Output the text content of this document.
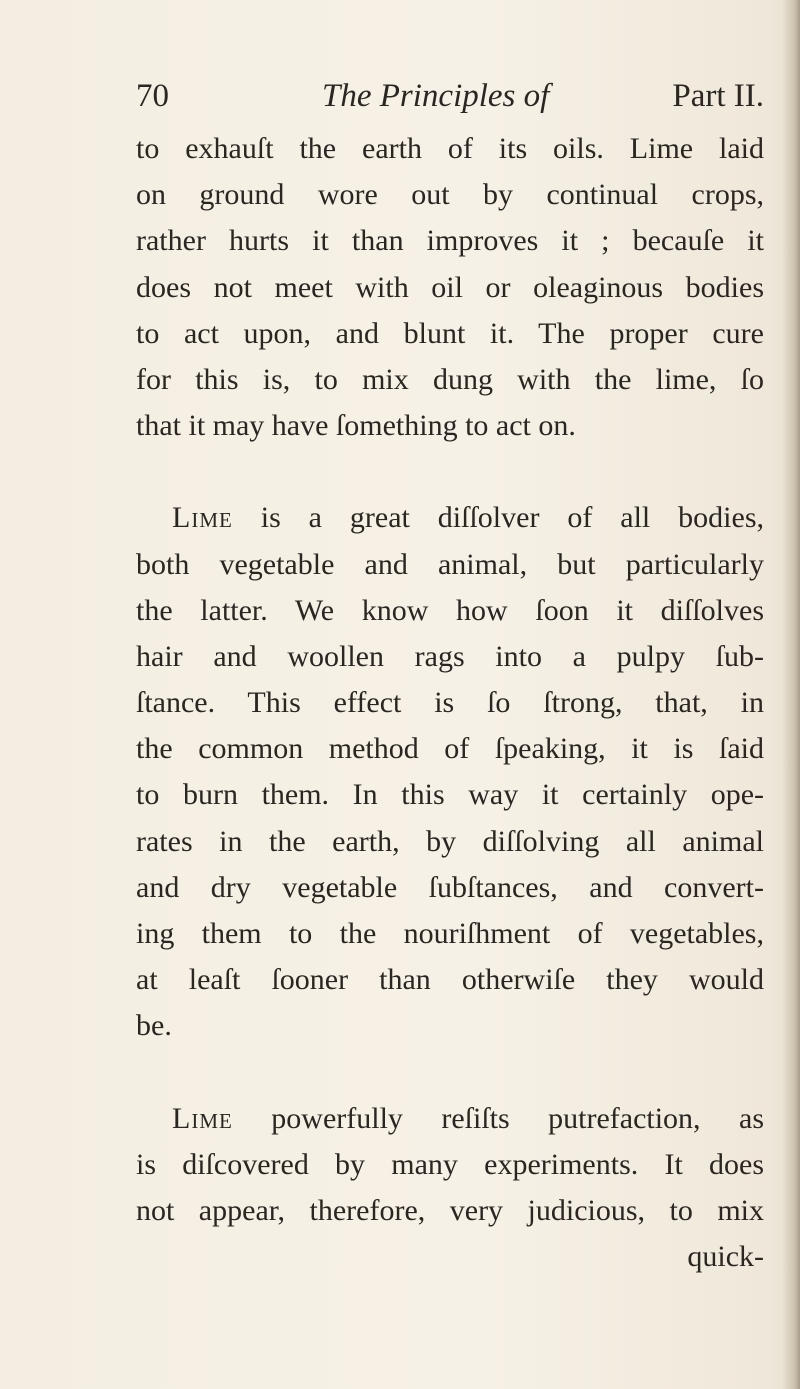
70	The Principles of	Part II.
to exhauſt the earth of its oils. Lime laid
on ground wore out by continual crops,
rather hurts it than improves it ; becauſe it
does not meet with oil or oleaginous bodies
to act upon, and blunt it. The proper cure
for this is, to mix dung with the lime, ſo
that it may have ſomething to act on.
Lime is a great diſſolver of all bodies,
both vegetable and animal, but particularly
the latter. We know how ſoon it diſſolves
hair and woollen rags into a pulpy ſub-
ſtance. This effect is ſo ſtrong, that, in
the common method of ſpeaking, it is ſaid
to burn them. In this way it certainly ope-
rates in the earth, by diſſolving all animal
and dry vegetable ſubſtances, and convert-
ing them to the nouriſhment of vegetables,
at leaſt ſooner than otherwiſe they would
be.
Lime powerfully reſiſts putrefaction, as
is diſcovered by many experiments. It does
not appear, therefore, very judicious, to mix
quick-
